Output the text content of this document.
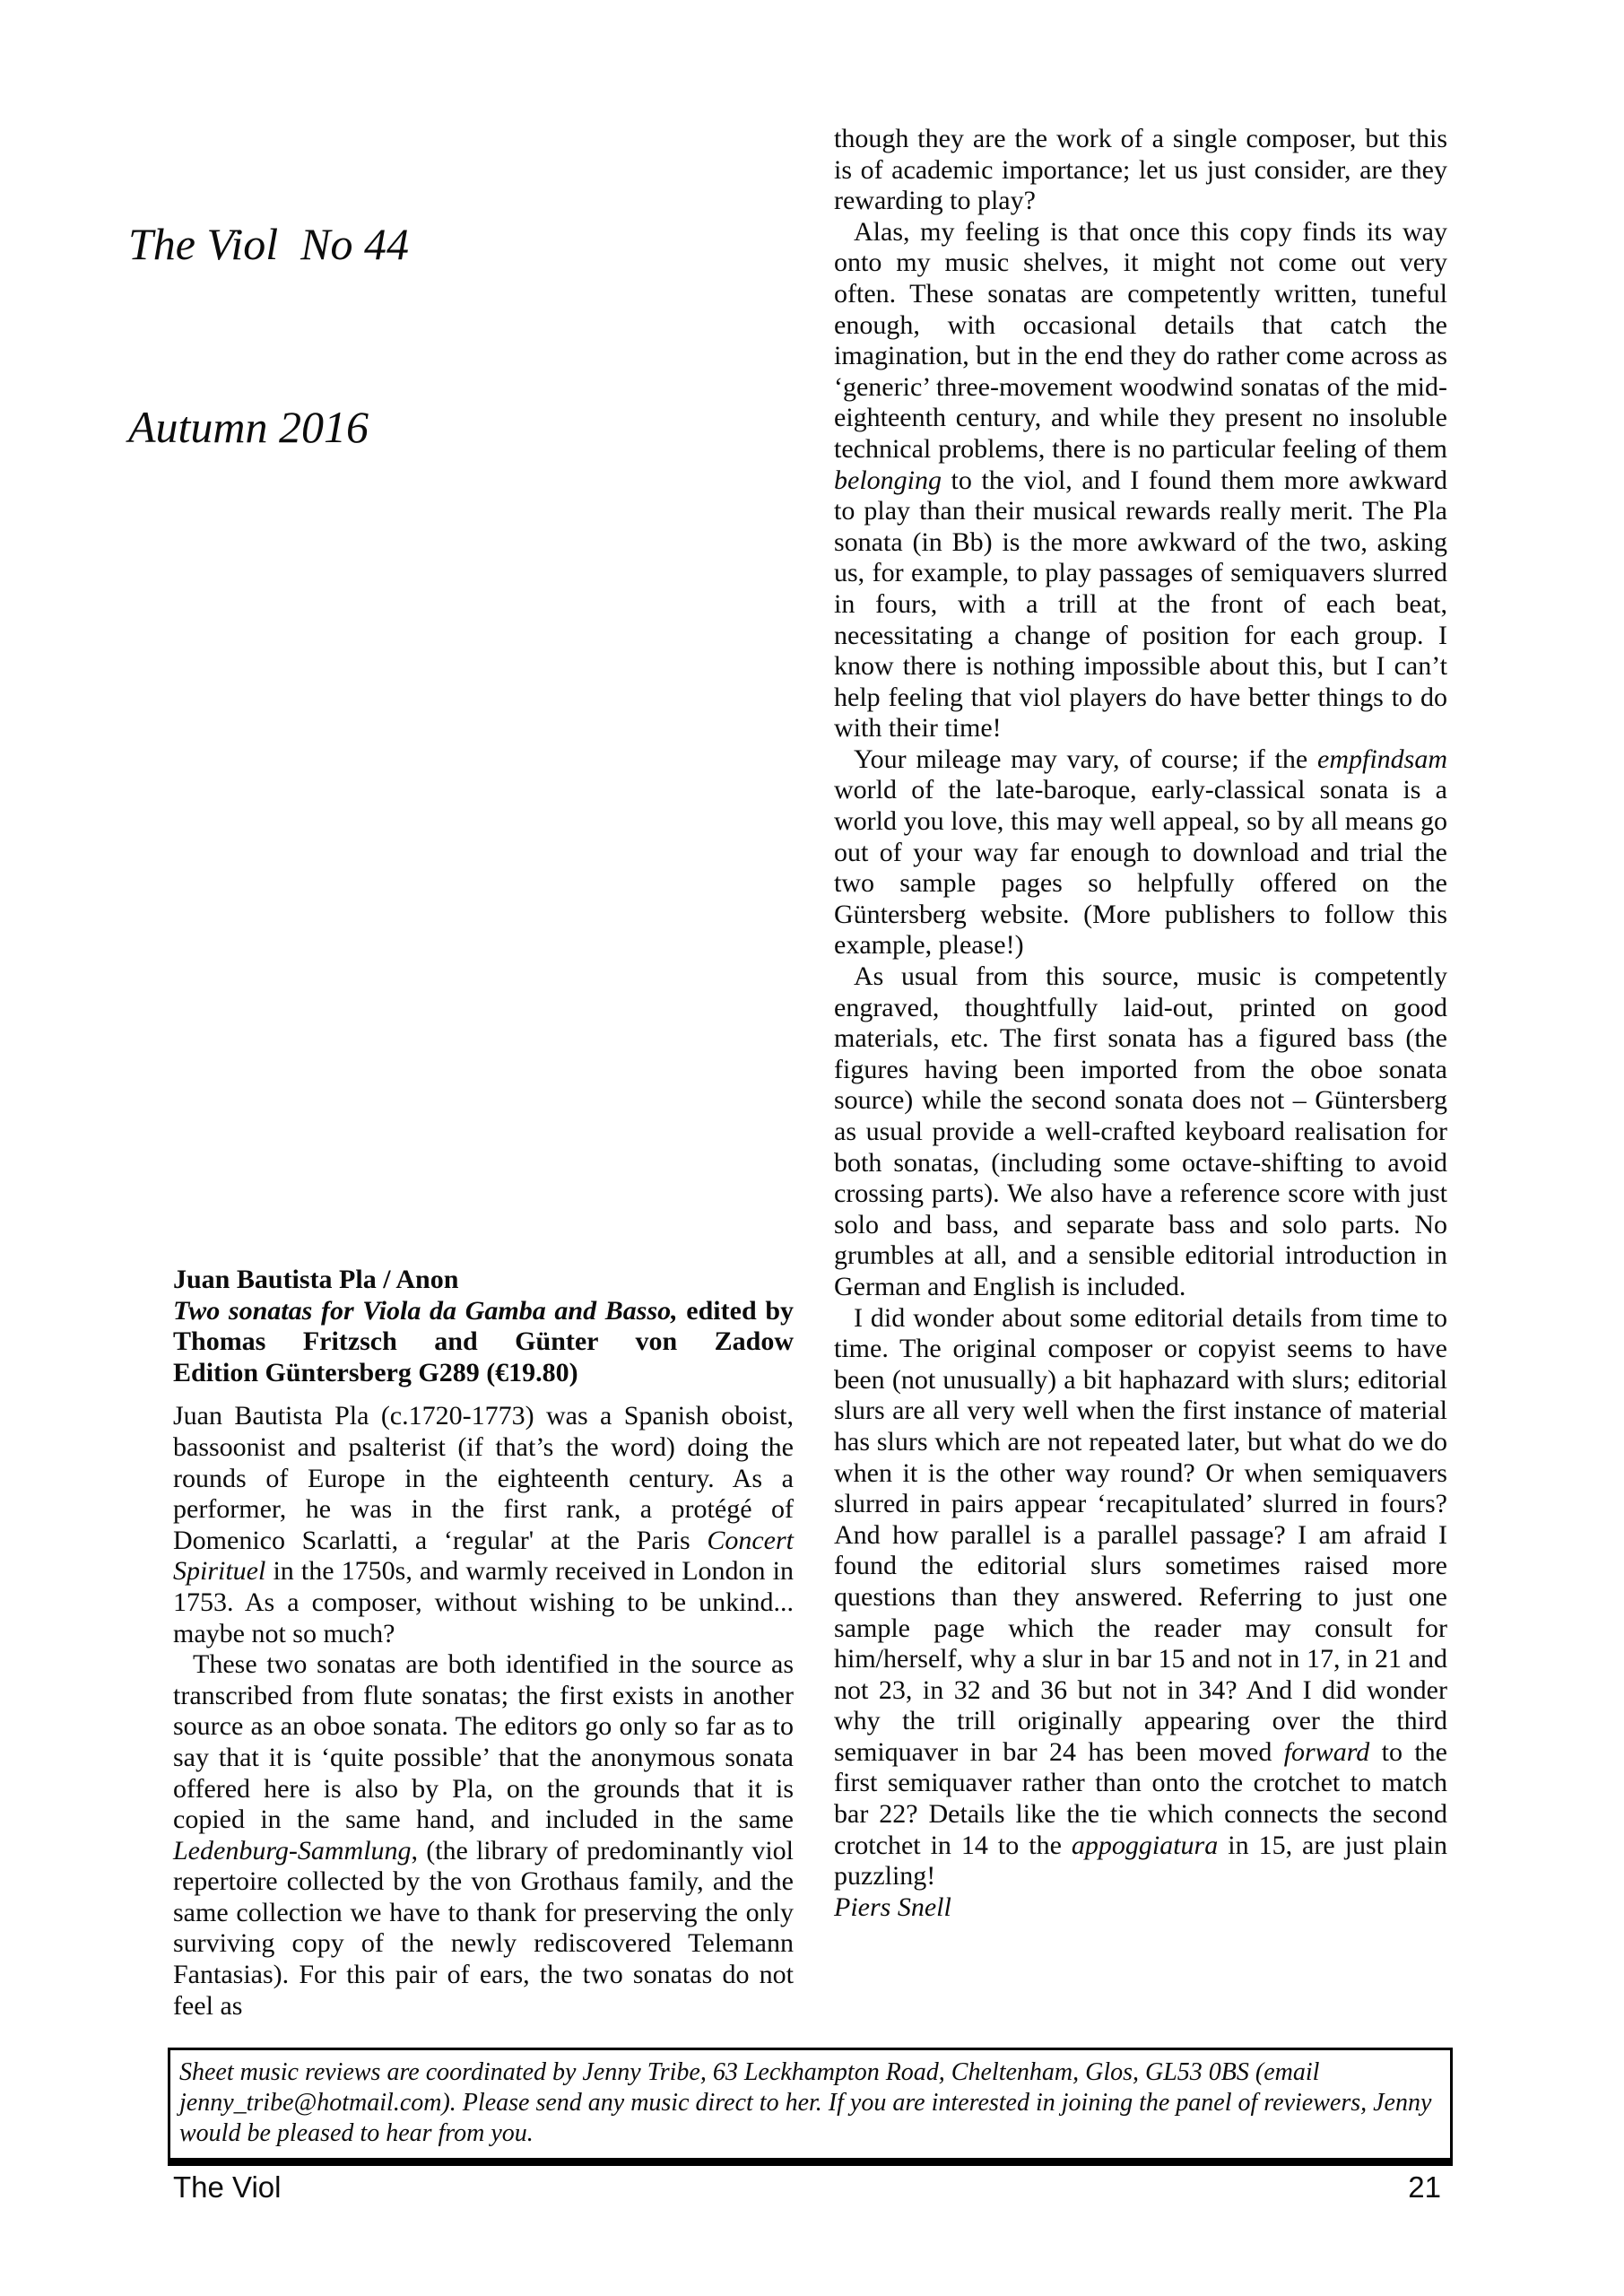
The Viol  No 44

Autumn 2016

Juan Bautista Pla / Anon

Two sonatas for Viola da Gamba and Basso, edited by Thomas Fritzsch and Günter von Zadow

Edition Güntersberg G289 (€19.80)

Juan Bautista Pla (c.1720-1773) was a Spanish oboist, bassoonist and psalterist (if that’s the word) doing the rounds of Europe in the eighteenth century. As a performer, he was in the first rank, a protégé of Domenico Scarlatti, a ‘regular' at the Paris Concert Spirituel in the 1750s, and warmly received in London in 1753. As a composer, without wishing to be unkind... maybe not so much?

These two sonatas are both identified in the source as transcribed from flute sonatas; the first exists in another source as an oboe sonata. The editors go only so far as to say that it is ‘quite possible’ that the anonymous sonata offered here is also by Pla, on the grounds that it is copied in the same hand, and included in the same Ledenburg-Sammlung, (the library of predominantly viol repertoire collected by the von Grothaus family, and the same collection we have to thank for preserving the only surviving copy of the newly rediscovered Telemann Fantasias). For this pair of ears, the two sonatas do not feel as

though they are the work of a single composer, but this is of academic importance; let us just consider, are they rewarding to play?

Alas, my feeling is that once this copy finds its way onto my music shelves, it might not come out very often. These sonatas are competently written, tuneful enough, with occasional details that catch the imagination, but in the end they do rather come across as ‘generic’ three-movement woodwind sonatas of the mid-eighteenth century, and while they present no insoluble technical problems, there is no particular feeling of them belonging to the viol, and I found them more awkward to play than their musical rewards really merit. The Pla sonata (in Bb) is the more awkward of the two, asking us, for example, to play passages of semiquavers slurred in fours, with a trill at the front of each beat, necessitating a change of position for each group. I know there is nothing impossible about this, but I can’t help feeling that viol players do have better things to do with their time!

Your mileage may vary, of course; if the empfindsam world of the late-baroque, early-classical sonata is a world you love, this may well appeal, so by all means go out of your way far enough to download and trial the two sample pages so helpfully offered on the Güntersberg website. (More publishers to follow this example, please!)

As usual from this source, music is competently engraved, thoughtfully laid-out, printed on good materials, etc. The first sonata has a figured bass (the figures having been imported from the oboe sonata source) while the second sonata does not – Güntersberg as usual provide a well-crafted keyboard realisation for both sonatas, (including some octave-shifting to avoid crossing parts). We also have a reference score with just solo and bass, and separate bass and solo parts. No grumbles at all, and a sensible editorial introduction in German and English is included.

I did wonder about some editorial details from time to time. The original composer or copyist seems to have been (not unusually) a bit haphazard with slurs; editorial slurs are all very well when the first instance of material has slurs which are not repeated later, but what do we do when it is the other way round? Or when semiquavers slurred in pairs appear ‘recapitulated’ slurred in fours? And how parallel is a parallel passage? I am afraid I found the editorial slurs sometimes raised more questions than they answered. Referring to just one sample page which the reader may consult for him/herself, why a slur in bar 15 and not in 17, in 21 and not 23, in 32 and 36 but not in 34? And I did wonder why the trill originally appearing over the third semiquaver in bar 24 has been moved forward to the first semiquaver rather than onto the crotchet to match bar 22? Details like the tie which connects the second crotchet in 14 to the appoggiatura in 15, are just plain puzzling!

Piers Snell

Sheet music reviews are coordinated by Jenny Tribe, 63 Leckhampton Road, Cheltenham, Glos, GL53 0BS (email jenny_tribe@hotmail.com). Please send any music direct to her. If you are interested in joining the panel of reviewers, Jenny would be pleased to hear from you.
The Viol	21
